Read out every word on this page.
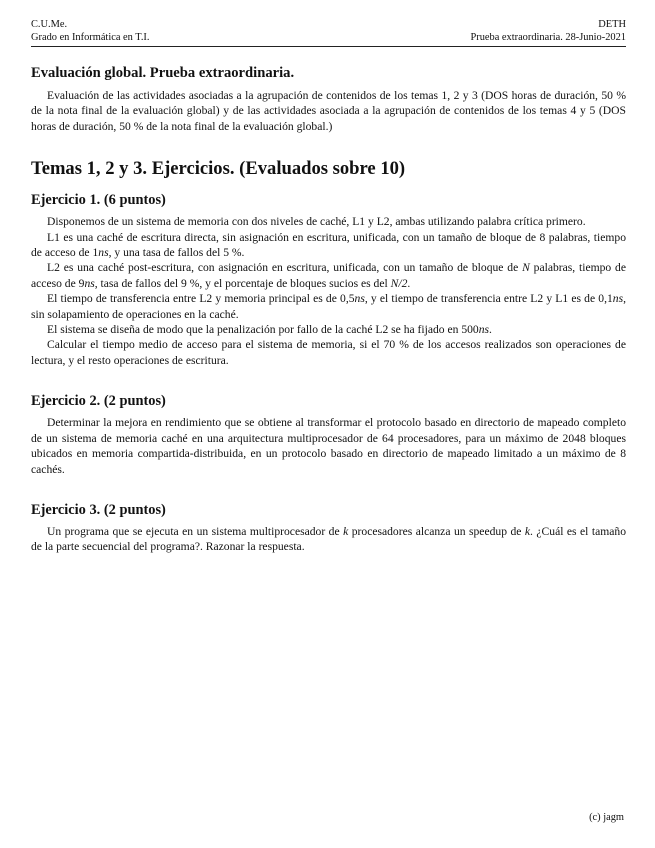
C.U.Me.	DETH
Grado en Informática en T.I.	Prueba extraordinaria. 28-Junio-2021
Evaluación global. Prueba extraordinaria.

Evaluación de las actividades asociadas a la agrupación de contenidos de los temas 1, 2 y 3 (DOS horas de duración, 50 % de la nota final de la evaluación global) y de las actividades asociada a la agrupación de contenidos de los temas 4 y 5 (DOS horas de duración, 50 % de la nota final de la evaluación global.)

Temas 1, 2 y 3. Ejercicios. (Evaluados sobre 10)
Ejercicio 1. (6 puntos)

Disponemos de un sistema de memoria con dos niveles de caché, L1 y L2, ambas utilizando palabra crítica primero.

L1 es una caché de escritura directa, sin asignación en escritura, unificada, con un tamaño de bloque de 8 palabras, tiempo de acceso de 1ns, y una tasa de fallos del 5 %.

L2 es una caché post-escritura, con asignación en escritura, unificada, con un tamaño de bloque de N palabras, tiempo de acceso de 9ns, tasa de fallos del 9 %, y el porcentaje de bloques sucios es del N/2.

El tiempo de transferencia entre L2 y memoria principal es de 0,5ns, y el tiempo de transferencia entre L2 y L1 es de 0,1ns, sin solapamiento de operaciones en la caché.

El sistema se diseña de modo que la penalización por fallo de la caché L2 se ha fijado en 500ns.

Calcular el tiempo medio de acceso para el sistema de memoria, si el 70 % de los accesos realizados son operaciones de lectura, y el resto operaciones de escritura.

Ejercicio 2. (2 puntos)

Determinar la mejora en rendimiento que se obtiene al transformar el protocolo basado en directorio de mapeado completo de un sistema de memoria caché en una arquitectura multiprocesador de 64 procesadores, para un máximo de 2048 bloques ubicados en memoria compartida-distribuida, en un protocolo basado en directorio de mapeado limitado a un máximo de 8 cachés.

Ejercicio 3. (2 puntos)

Un programa que se ejecuta en un sistema multiprocesador de k procesadores alcanza un speedup de k. ¿Cuál es el tamaño de la parte secuencial del programa?. Razonar la respuesta.

(c) jagm
